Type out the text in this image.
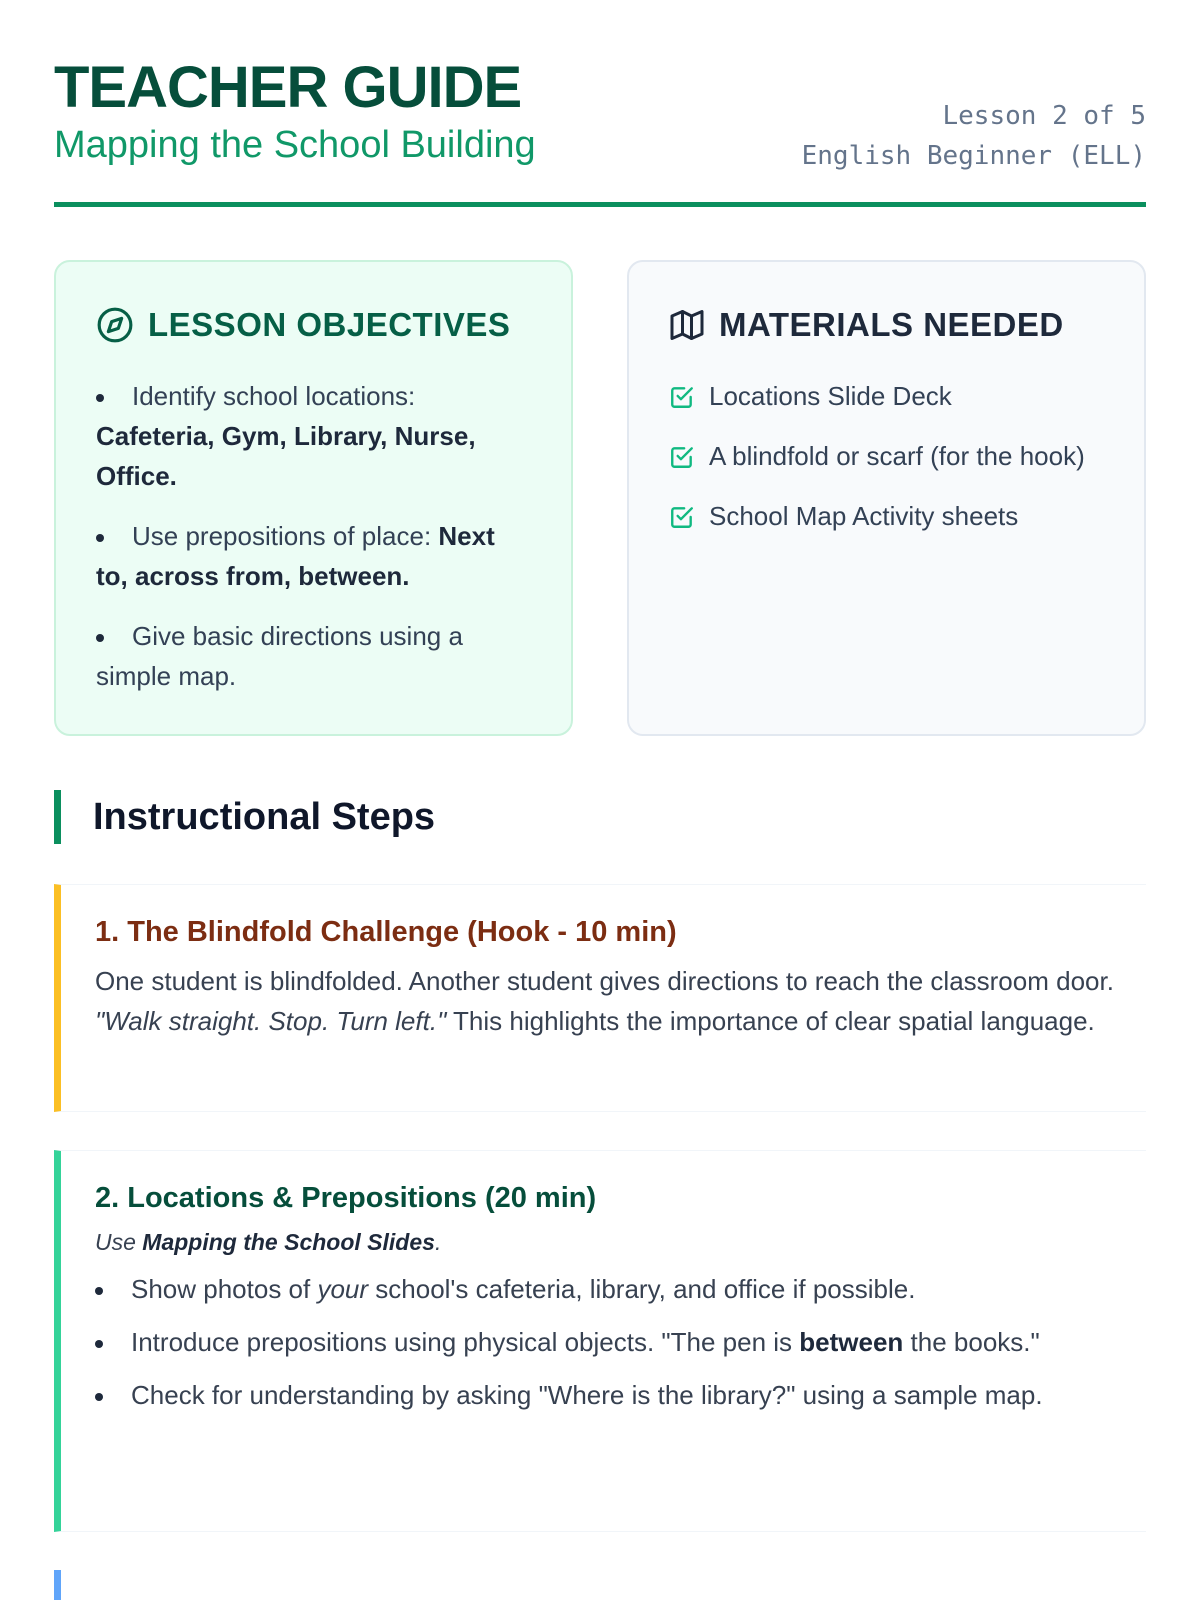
TEACHER GUIDE
Mapping the School Building
Lesson 2 of 5
English Beginner (ELL)
LESSON OBJECTIVES
Identify school locations: Cafeteria, Gym, Library, Nurse, Office.
Use prepositions of place: Next to, across from, between.
Give basic directions using a simple map.
MATERIALS NEEDED
Locations Slide Deck
A blindfold or scarf (for the hook)
School Map Activity sheets
Instructional Steps
1. The Blindfold Challenge (Hook - 10 min)
One student is blindfolded. Another student gives directions to reach the classroom door. "Walk straight. Stop. Turn left." This highlights the importance of clear spatial language.
2. Locations & Prepositions (20 min)
Use Mapping the School Slides.
Show photos of your school's cafeteria, library, and office if possible.
Introduce prepositions using physical objects. "The pen is between the books."
Check for understanding by asking "Where is the library?" using a sample map.
